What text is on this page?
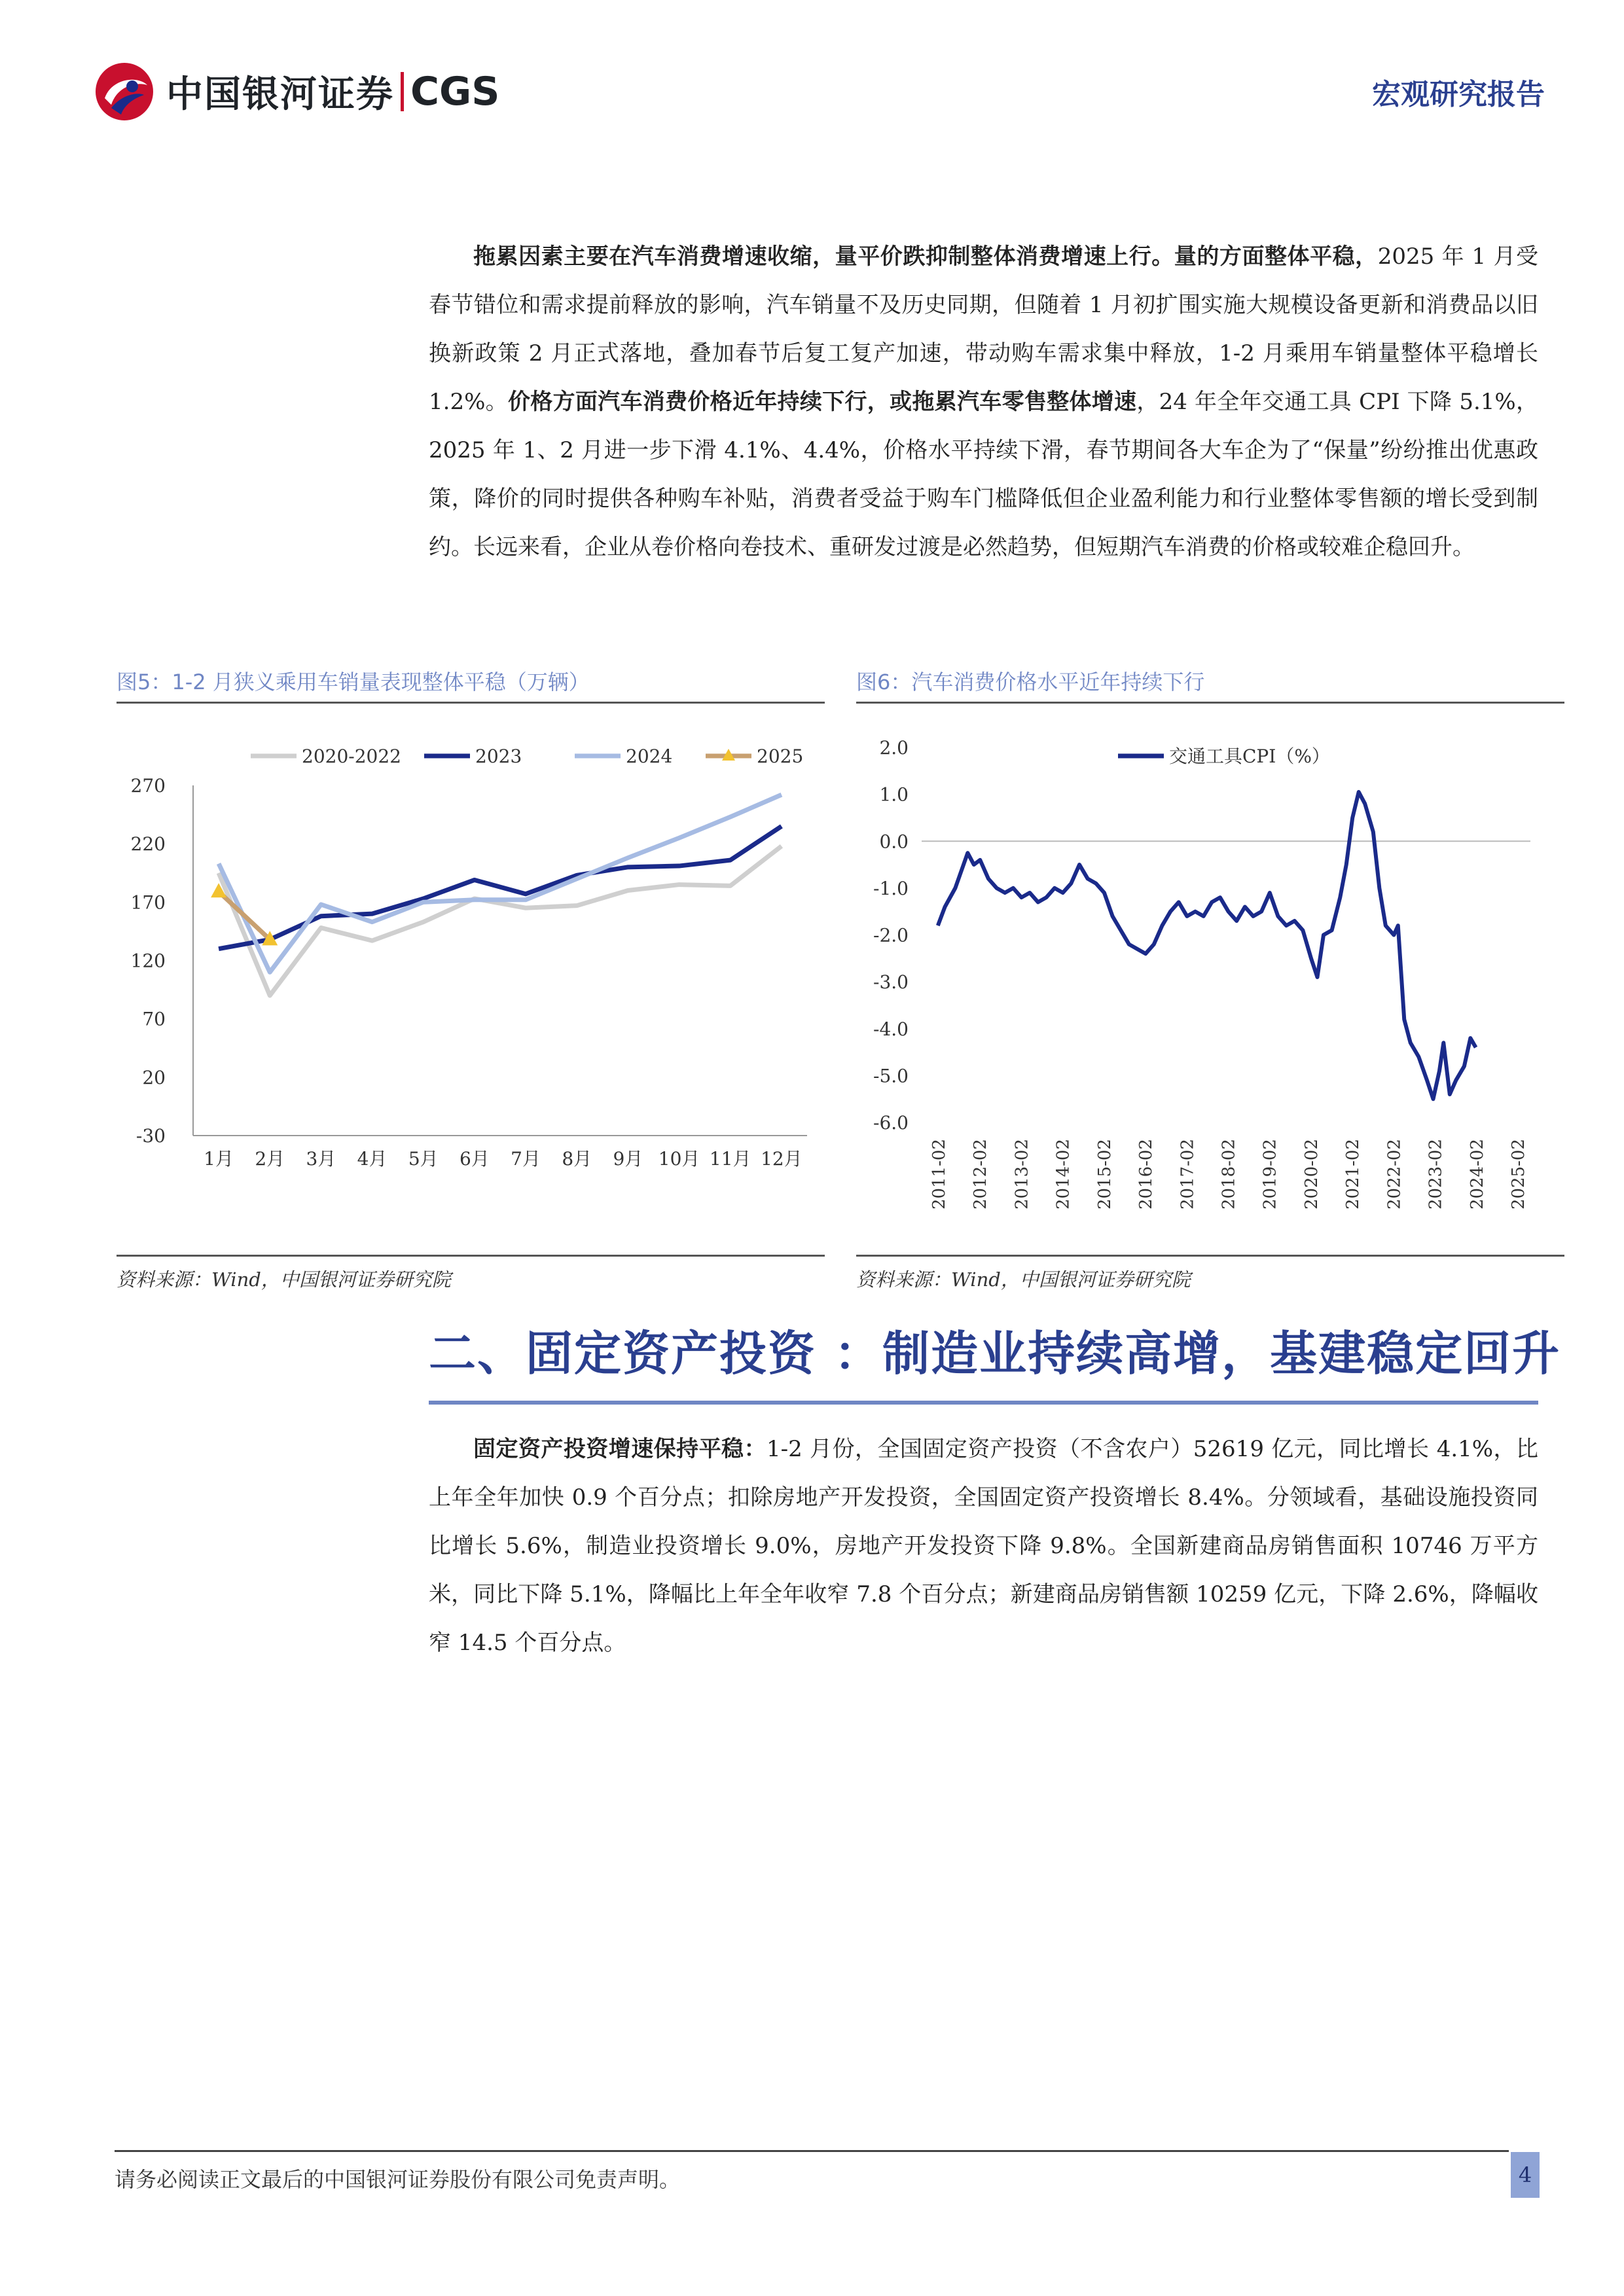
中国银河证券 CGS	宏观研究报告

拖累因素主要在汽车消费增速收缩，量平价跌抑制整体消费增速上行。量的方面整体平稳，2025 年 1 月受春节错位和需求提前释放的影响，汽车销量不及历史同期，但随着 1 月初扩围实施大规模设备更新和消费品以旧换新政策 2 月正式落地，叠加春节后复工复产加速，带动购车需求集中释放，1-2 月乘用车销量整体平稳增长 1.2%。价格方面汽车消费价格近年持续下行，或拖累汽车零售整体增速，24 年全年交通工具 CPI 下降 5.1%，2025 年 1、2 月进一步下滑 4.1%、4.4%，价格水平持续下滑，春节期间各大车企为了“保量”纷纷推出优惠政策，降价的同时提供各种购车补贴，消费者受益于购车门槛降低但企业盈利能力和行业整体零售额的增长受到制约。长远来看，企业从卷价格向卷技术、重研发过渡是必然趋势，但短期汽车消费的价格或较难企稳回升。

图5：1-2 月狭义乘用车销量表现整体平稳（万辆）	图6：汽车消费价格水平近年持续下行
2020-2022	2023	2024	2025
270
220
170
120
70
20
-30
1月 2月 3月 4月 5月 6月 7月 8月 9月 10月 11月 12月
交通工具CPI（%）
2.0
1.0
0.0
-1.0
-2.0
-3.0
-4.0
-5.0
-6.0
2011-02 2012-02 2013-02 2014-02 2015-02 2016-02 2017-02 2018-02 2019-02 2020-02 2021-02 2022-02 2023-02 2024-02 2025-02
资料来源：Wind，中国银河证券研究院	资料来源：Wind，中国银河证券研究院
二、固定资产投资 ：制造业持续高增，基建稳定回升

固定资产投资增速保持平稳：1-2 月份，全国固定资产投资（不含农户）52619 亿元，同比增长 4.1%，比上年全年加快 0.9 个百分点；扣除房地产开发投资，全国固定资产投资增长 8.4%。分领域看，基础设施投资同比增长 5.6%，制造业投资增长 9.0%，房地产开发投资下降 9.8%。全国新建商品房销售面积 10746 万平方米，同比下降 5.1%，降幅比上年全年收窄 7.8 个百分点；新建商品房销售额 10259 亿元，下降 2.6%，降幅收窄 14.5 个百分点。

请务必阅读正文最后的中国银河证券股份有限公司免责声明。	4
